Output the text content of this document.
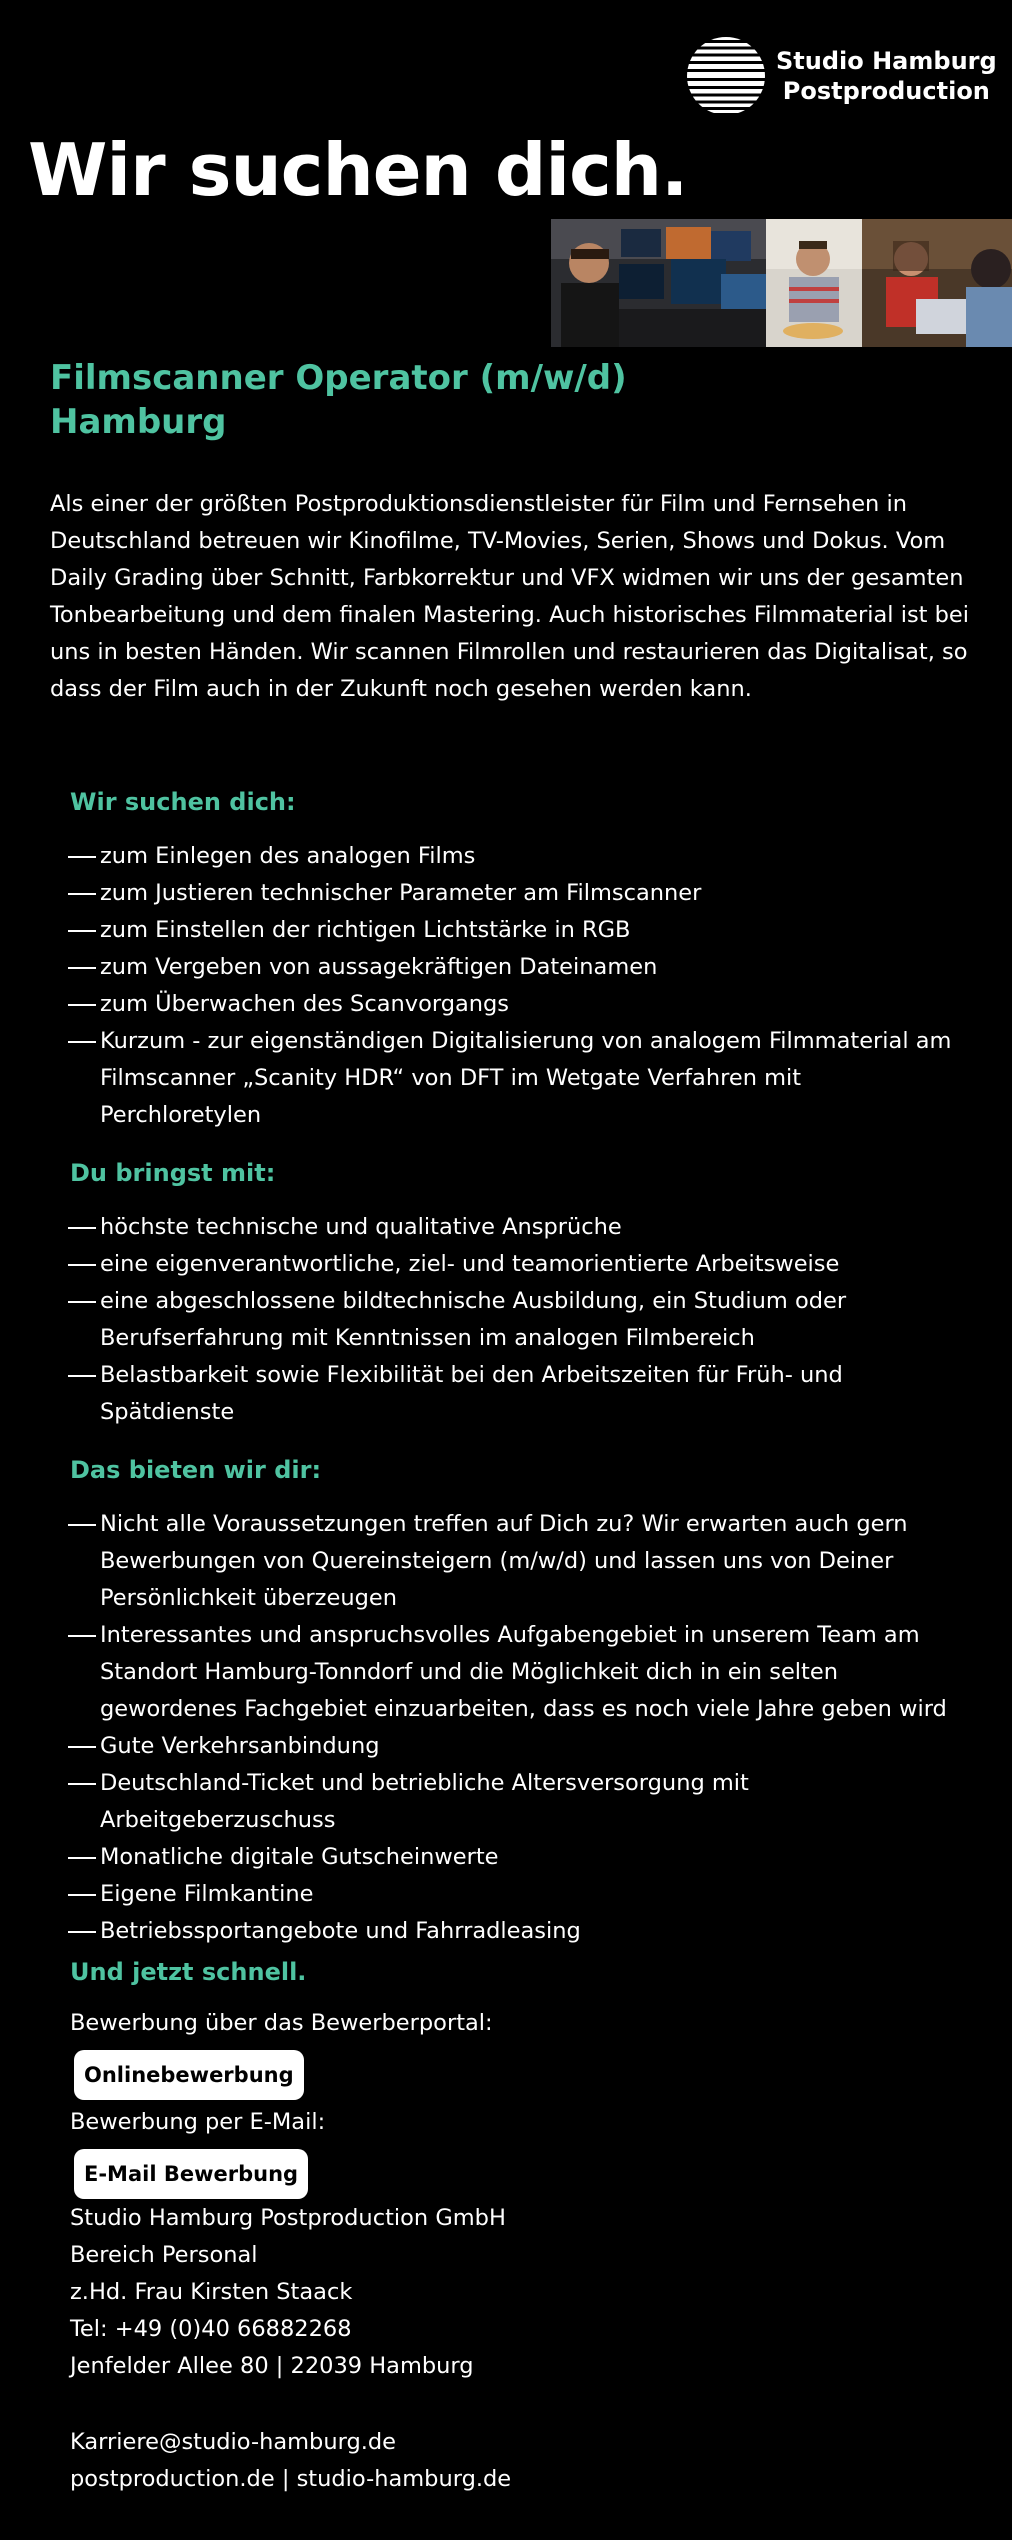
Studio Hamburg
Postproduction
Wir suchen dich.
Filmscanner Operator (m/w/d)
Hamburg

Als einer der größten Postproduktionsdienstleister für Film und Fernsehen in Deutschland betreuen wir Kinofilme, TV-Movies, Serien, Shows und Dokus. Vom Daily Grading über Schnitt, Farbkorrektur und VFX widmen wir uns der gesamten Tonbearbeitung und dem finalen Mastering. Auch historisches Filmmaterial ist bei uns in besten Händen. Wir scannen Filmrollen und restaurieren das Digitalisat, so dass der Film auch in der Zukunft noch gesehen werden kann.

Wir suchen dich:
zum Einlegen des analogen Films
zum Justieren technischer Parameter am Filmscanner
zum Einstellen der richtigen Lichtstärke in RGB
zum Vergeben von aussagekräftigen Dateinamen
zum Überwachen des Scanvorgangs
Kurzum - zur eigenständigen Digitalisierung von analogem Filmmaterial am Filmscanner „Scanity HDR“ von DFT im Wetgate Verfahren mit Perchloretylen
Du bringst mit:
höchste technische und qualitative Ansprüche
eine eigenverantwortliche, ziel- und teamorientierte Arbeitsweise
eine abgeschlossene bildtechnische Ausbildung, ein Studium oder Berufserfahrung mit Kenntnissen im analogen Filmbereich
Belastbarkeit sowie Flexibilität bei den Arbeitszeiten für Früh- und Spätdienste
Das bieten wir dir:
Nicht alle Voraussetzungen treffen auf Dich zu? Wir erwarten auch gern Bewerbungen von Quereinsteigern (m/w/d) und lassen uns von Deiner Persönlichkeit überzeugen
Interessantes und anspruchsvolles Aufgabengebiet in unserem Team am Standort Hamburg-Tonndorf und die Möglichkeit dich in ein selten gewordenes Fachgebiet einzuarbeiten, dass es noch viele Jahre geben wird
Gute Verkehrsanbindung
Deutschland-Ticket und betriebliche Altersversorgung mit Arbeitgeberzuschuss
Monatliche digitale Gutscheinwerte
Eigene Filmkantine
Betriebssportangebote und Fahrradleasing
Und jetzt schnell.

Bewerbung über das Bewerberportal:

Onlinebewerbung

Bewerbung per E-Mail:

E-Mail Bewerbung
Studio Hamburg Postproduction GmbH
Bereich Personal
z.Hd. Frau Kirsten Staack
Tel: +49 (0)40 66882268
Jenfelder Allee 80 | 22039 Hamburg
Karriere@studio-hamburg.de
postproduction.de | studio-hamburg.de
